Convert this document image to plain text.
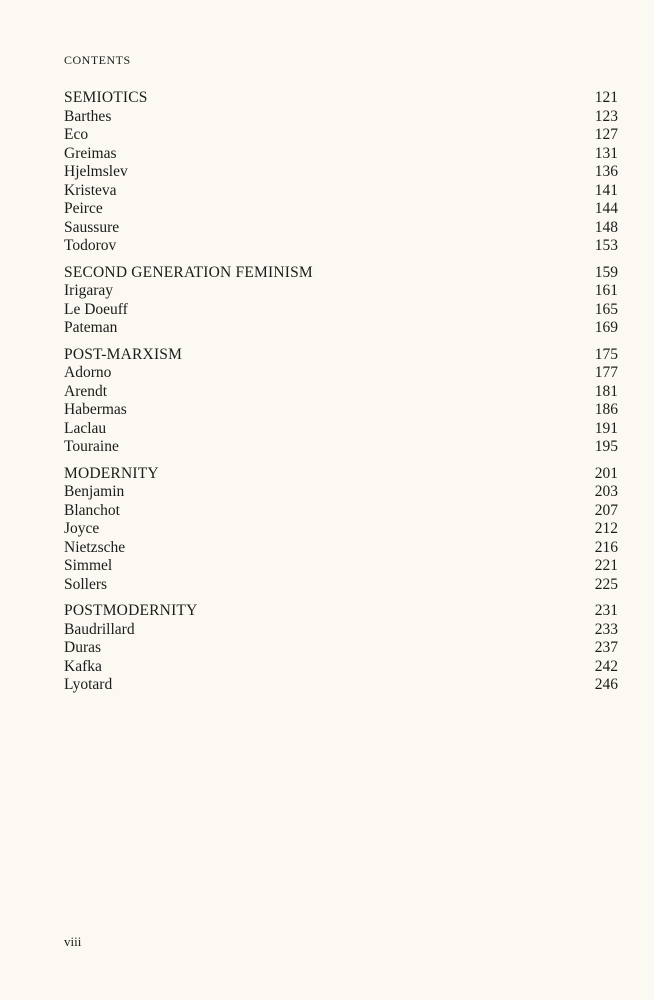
CONTENTS
SEMIOTICS	121
Barthes	123
Eco	127
Greimas	131
Hjelmslev	136
Kristeva	141
Peirce	144
Saussure	148
Todorov	153
SECOND GENERATION FEMINISM	159
Irigaray	161
Le Doeuff	165
Pateman	169
POST-MARXISM	175
Adorno	177
Arendt	181
Habermas	186
Laclau	191
Touraine	195
MODERNITY	201
Benjamin	203
Blanchot	207
Joyce	212
Nietzsche	216
Simmel	221
Sollers	225
POSTMODERNITY	231
Baudrillard	233
Duras	237
Kafka	242
Lyotard	246
viii
